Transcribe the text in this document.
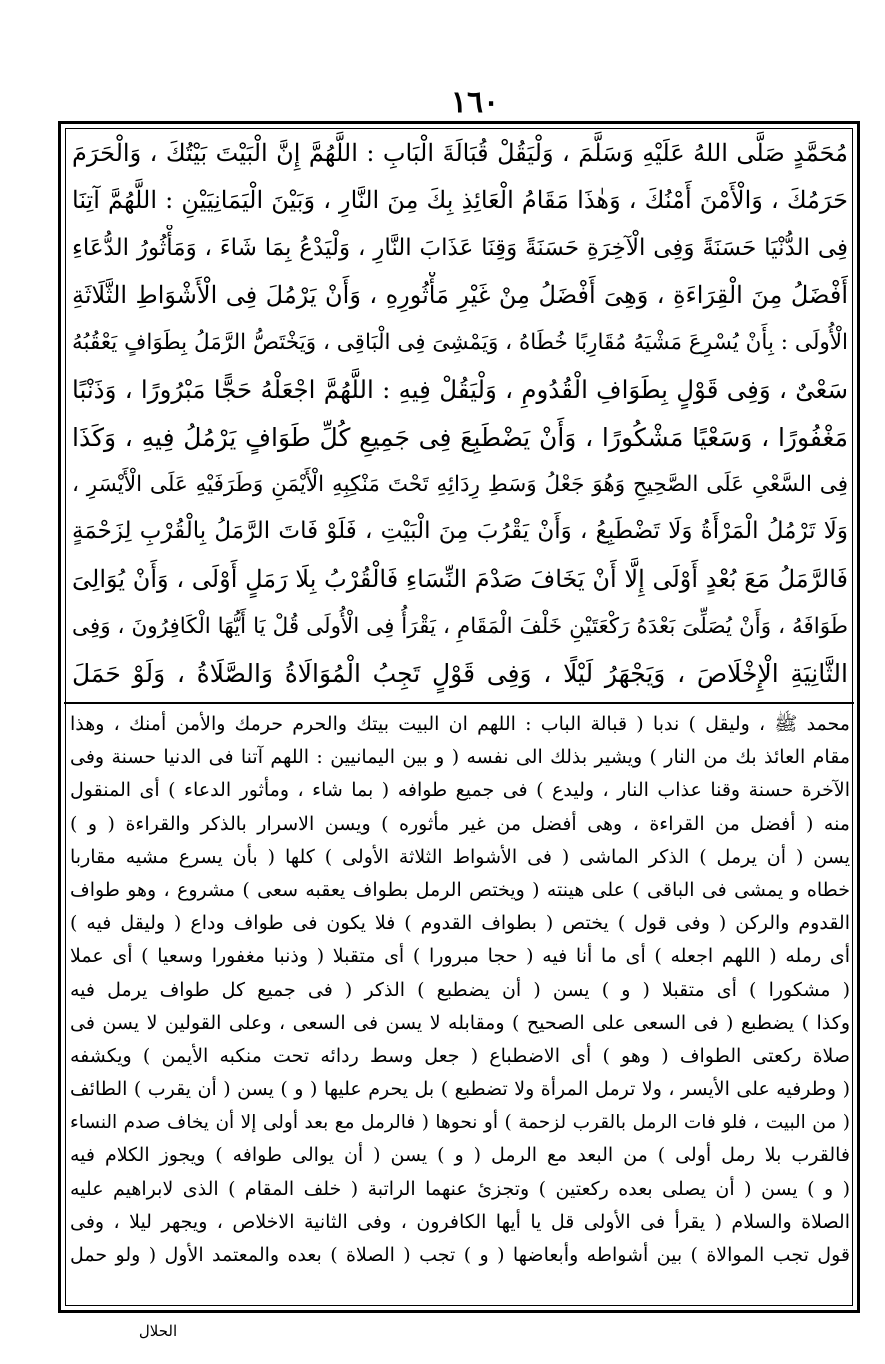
١٦٠
مُحَمَّدٍ صَلَّى اللهُ عَلَيْهِ وَسَلَّمَ ، وَلْيَقُلْ قُبَالَةَ الْبَابِ : اللَّهُمَّ إِنَّ الْبَيْتَ بَيْتُكَ ، وَالْحَرَمَ
حَرَمُكَ ، وَالْأَمْنَ أَمْنُكَ ، وَهٰذَا مَقَامُ الْعَائِذِ بِكَ مِنَ النَّارِ ، وَبَيْنَ الْيَمَانِيَيْنِ : اللَّهُمَّ آتِنَا
فِى الدُّنْيَا حَسَنَةً وَفِى الْآخِرَةِ حَسَنَةً وَقِنَا عَذَابَ النَّارِ ، وَلْيَدْعُ بِمَا شَاءَ ، وَمَأْثُورُ الدُّعَاءِ
أَفْضَلُ مِنَ الْقِرَاءَةِ ، وَهِىَ أَفْضَلُ مِنْ غَيْرِ مَأْثُورِهِ ، وَأَنْ يَرْمُلَ فِى الْأَشْوَاطِ الثَّلَاثَةِ
الْأُولَى : بِأَنْ يُسْرِعَ مَشْيَهُ مُقَارِبًا خُطَاهُ ، وَيَمْشِىَ فِى الْبَاقِى ، وَيَخْتَصُّ الرَّمَلُ بِطَوَافٍ يَعْقُبُهُ
سَعْىٌ ، وَفِى قَوْلٍ بِطَوَافِ الْقُدُومِ ، وَلْيَقُلْ فِيهِ : اللَّهُمَّ اجْعَلْهُ حَجًّا مَبْرُورًا ، وَذَنْبًا
مَغْفُورًا ، وَسَعْيًا مَشْكُورًا ، وَأَنْ يَضْطَبِعَ فِى جَمِيعِ كُلِّ طَوَافٍ يَرْمُلُ فِيهِ ، وَكَذَا
فِى السَّعْىِ عَلَى الصَّحِيحِ وَهُوَ جَعْلُ وَسَطِ رِدَائِهِ تَحْتَ مَنْكِبِهِ الْأَيْمَنِ وَطَرَفَيْهِ عَلَى الْأَيْسَرِ ،
وَلَا تَرْمُلُ الْمَرْأَةُ وَلَا تَضْطَبِعُ ، وَأَنْ يَقْرُبَ مِنَ الْبَيْتِ ، فَلَوْ فَاتَ الرَّمَلُ بِالْقُرْبِ لِزَحْمَةٍ
فَالرَّمَلُ مَعَ بُعْدٍ أَوْلَى إِلَّا أَنْ يَخَافَ صَدْمَ النِّسَاءِ فَالْقُرْبُ بِلَا رَمَلٍ أَوْلَى ، وَأَنْ يُوَالِىَ
طَوَافَهُ ، وَأَنْ يُصَلِّىَ بَعْدَهُ رَكْعَتَيْنِ خَلْفَ الْمَقَامِ ، يَقْرَأُ فِى الْأُولَى قُلْ يَا أَيُّهَا الْكَافِرُونَ ، وَفِى
الثَّانِيَةِ الْإِخْلَاصَ ، وَيَجْهَرُ لَيْلًا ، وَفِى قَوْلٍ تَجِبُ الْمُوَالَاةُ وَالصَّلَاةُ ، وَلَوْ حَمَلَ
محمد ﷺ ، وليقل ) ندبا ( قبالة الباب : اللهم ان البيت بيتك والحرم حرمك والأمن أمنك ، وهذا
مقام العائذ بك من النار ) ويشير بذلك الى نفسه ( و بين اليمانيين : اللهم آتنا فى الدنيا حسنة وفى
الآخرة حسنة وقنا عذاب النار ، وليدع ) فى جميع طوافه ( بما شاء ، ومأثور الدعاء ) أى المنقول
منه ( أفضل من القراءة ، وهى أفضل من غير مأثوره ) ويسن الاسرار بالذكر والقراءة ( و )
يسن ( أن يرمل ) الذكر الماشى ( فى الأشواط الثلاثة الأولى ) كلها ( بأن يسرع مشيه مقاربا
خطاه و يمشى فى الباقى ) على هينته ( ويختص الرمل بطواف يعقبه سعى ) مشروع ، وهو طواف
القدوم والركن ( وفى قول ) يختص ( بطواف القدوم ) فلا يكون فى طواف وداع ( وليقل فيه )
أى رمله ( اللهم اجعله ) أى ما أنا فيه ( حجا مبرورا ) أى متقبلا ( وذنبا مغفورا وسعيا ) أى عملا
( مشكورا ) أى متقبلا ( و ) يسن ( أن يضطبع ) الذكر ( فى جميع كل طواف يرمل فيه
وكذا ) يضطبع ( فى السعى على الصحيح ) ومقابله لا يسن فى السعى ، وعلى القولين لا يسن فى
صلاة ركعتى الطواف ( وهو ) أى الاضطباع ( جعل وسط ردائه تحت منكبه الأيمن ) ويكشفه
( وطرفيه على الأيسر ، ولا ترمل المرأة ولا تضطبع ) بل يحرم عليها ( و ) يسن ( أن يقرب ) الطائف
( من البيت ، فلو فات الرمل بالقرب لزحمة ) أو نحوها ( فالرمل مع بعد أولى إلا أن يخاف صدم النساء
فالقرب بلا رمل أولى ) من البعد مع الرمل ( و ) يسن ( أن يوالى طوافه ) ويجوز الكلام فيه
( و ) يسن ( أن يصلى بعده ركعتين ) وتجزئ عنهما الراتبة ( خلف المقام ) الذى لابراهيم عليه
الصلاة والسلام ( يقرأ فى الأولى قل يا أيها الكافرون ، وفى الثانية الاخلاص ، ويجهر ليلا ، وفى
قول تجب الموالاة ) بين أشواطه وأبعاضها ( و ) تجب ( الصلاة ) بعده والمعتمد الأول ( ولو حمل
الحلال
